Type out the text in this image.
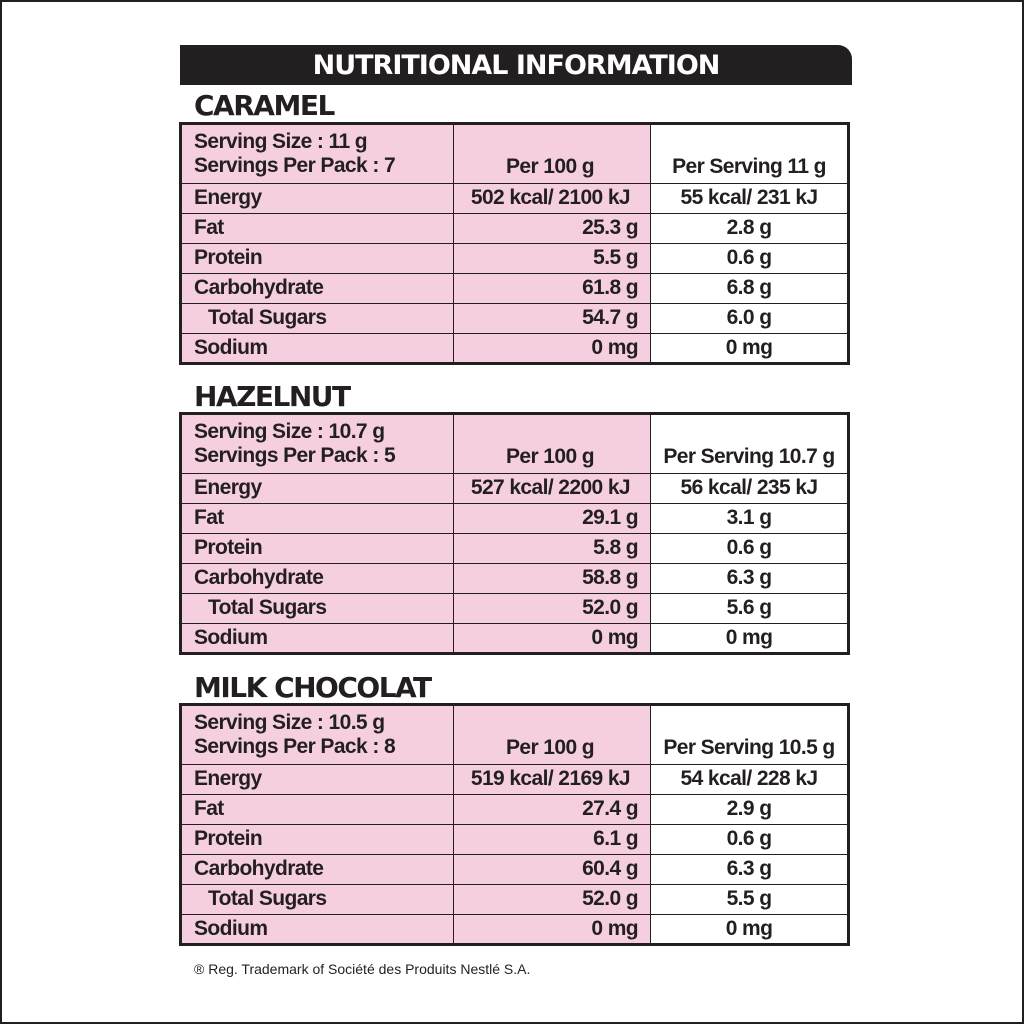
NUTRITIONAL INFORMATION
CARAMEL
Serving Size : 11 g
Servings Per Pack : 7	Per 100 g	Per Serving 11 g
Energy	502 kcal/ 2100 kJ	55 kcal/ 231 kJ
Fat	25.3 g	2.8 g
Protein	5.5 g	0.6 g
Carbohydrate	61.8 g	6.8 g
Total Sugars	54.7 g	6.0 g
Sodium	0 mg	0 mg
HAZELNUT
Serving Size : 10.7 g
Servings Per Pack : 5	Per 100 g	Per Serving 10.7 g
Energy	527 kcal/ 2200 kJ	56 kcal/ 235 kJ
Fat	29.1 g	3.1 g
Protein	5.8 g	0.6 g
Carbohydrate	58.8 g	6.3 g
Total Sugars	52.0 g	5.6 g
Sodium	0 mg	0 mg
MILK CHOCOLAT
Serving Size : 10.5 g
Servings Per Pack : 8	Per 100 g	Per Serving 10.5 g
Energy	519 kcal/ 2169 kJ	54 kcal/ 228 kJ
Fat	27.4 g	2.9 g
Protein	6.1 g	0.6 g
Carbohydrate	60.4 g	6.3 g
Total Sugars	52.0 g	5.5 g
Sodium	0 mg	0 mg
® Reg. Trademark of Société des Produits Nestlé S.A.
